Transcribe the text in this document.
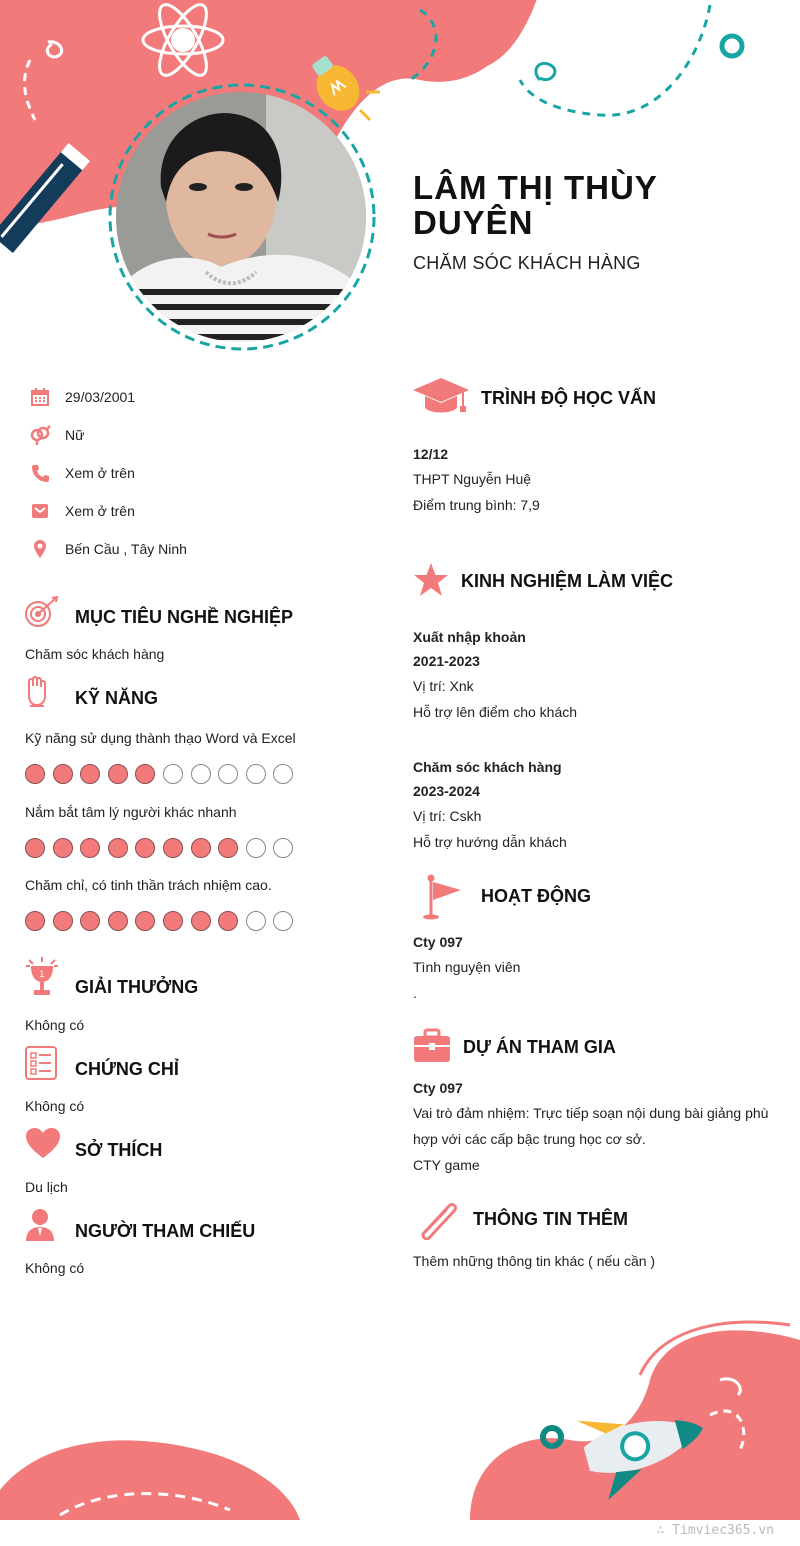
LÂM THỊ THÙY DUYÊN
CHĂM SÓC KHÁCH HÀNG
29/03/2001
Nữ
Xem ở trên
Xem ở trên
Bến Cầu , Tây Ninh
MỤC TIÊU NGHỀ NGHIỆP
Chăm sóc khách hàng
KỸ NĂNG
Kỹ năng sử dụng thành thạo Word và Excel
Nắm bắt tâm lý người khác nhanh
Chăm chỉ, có tinh thần trách nhiệm cao.
1
GIẢI THƯỞNG
Không có
CHỨNG CHỈ
Không có
SỞ THÍCH
Du lịch
NGƯỜI THAM CHIẾU
Không có
TRÌNH ĐỘ HỌC VẤN
12/12
THPT Nguyễn Huệ
Điểm trung bình: 7,9
KINH NGHIỆM LÀM VIỆC
Xuất nhập khoản
2021-2023
Vị trí: Xnk
Hỗ trợ lên điểm cho khách
Chăm sóc khách hàng
2023-2024
Vị trí: Cskh
Hỗ trợ hướng dẫn khách
HOẠT ĐỘNG
Cty 097
Tình nguyện viên
.
DỰ ÁN THAM GIA
Cty 097
Vai trò đảm nhiệm: Trực tiếp soạn nội dung bài giảng phù
hợp với các cấp bậc trung học cơ sở.
CTY game
THÔNG TIN THÊM
Thêm những thông tin khác ( nếu cần )
∴ Timviec365.vn
